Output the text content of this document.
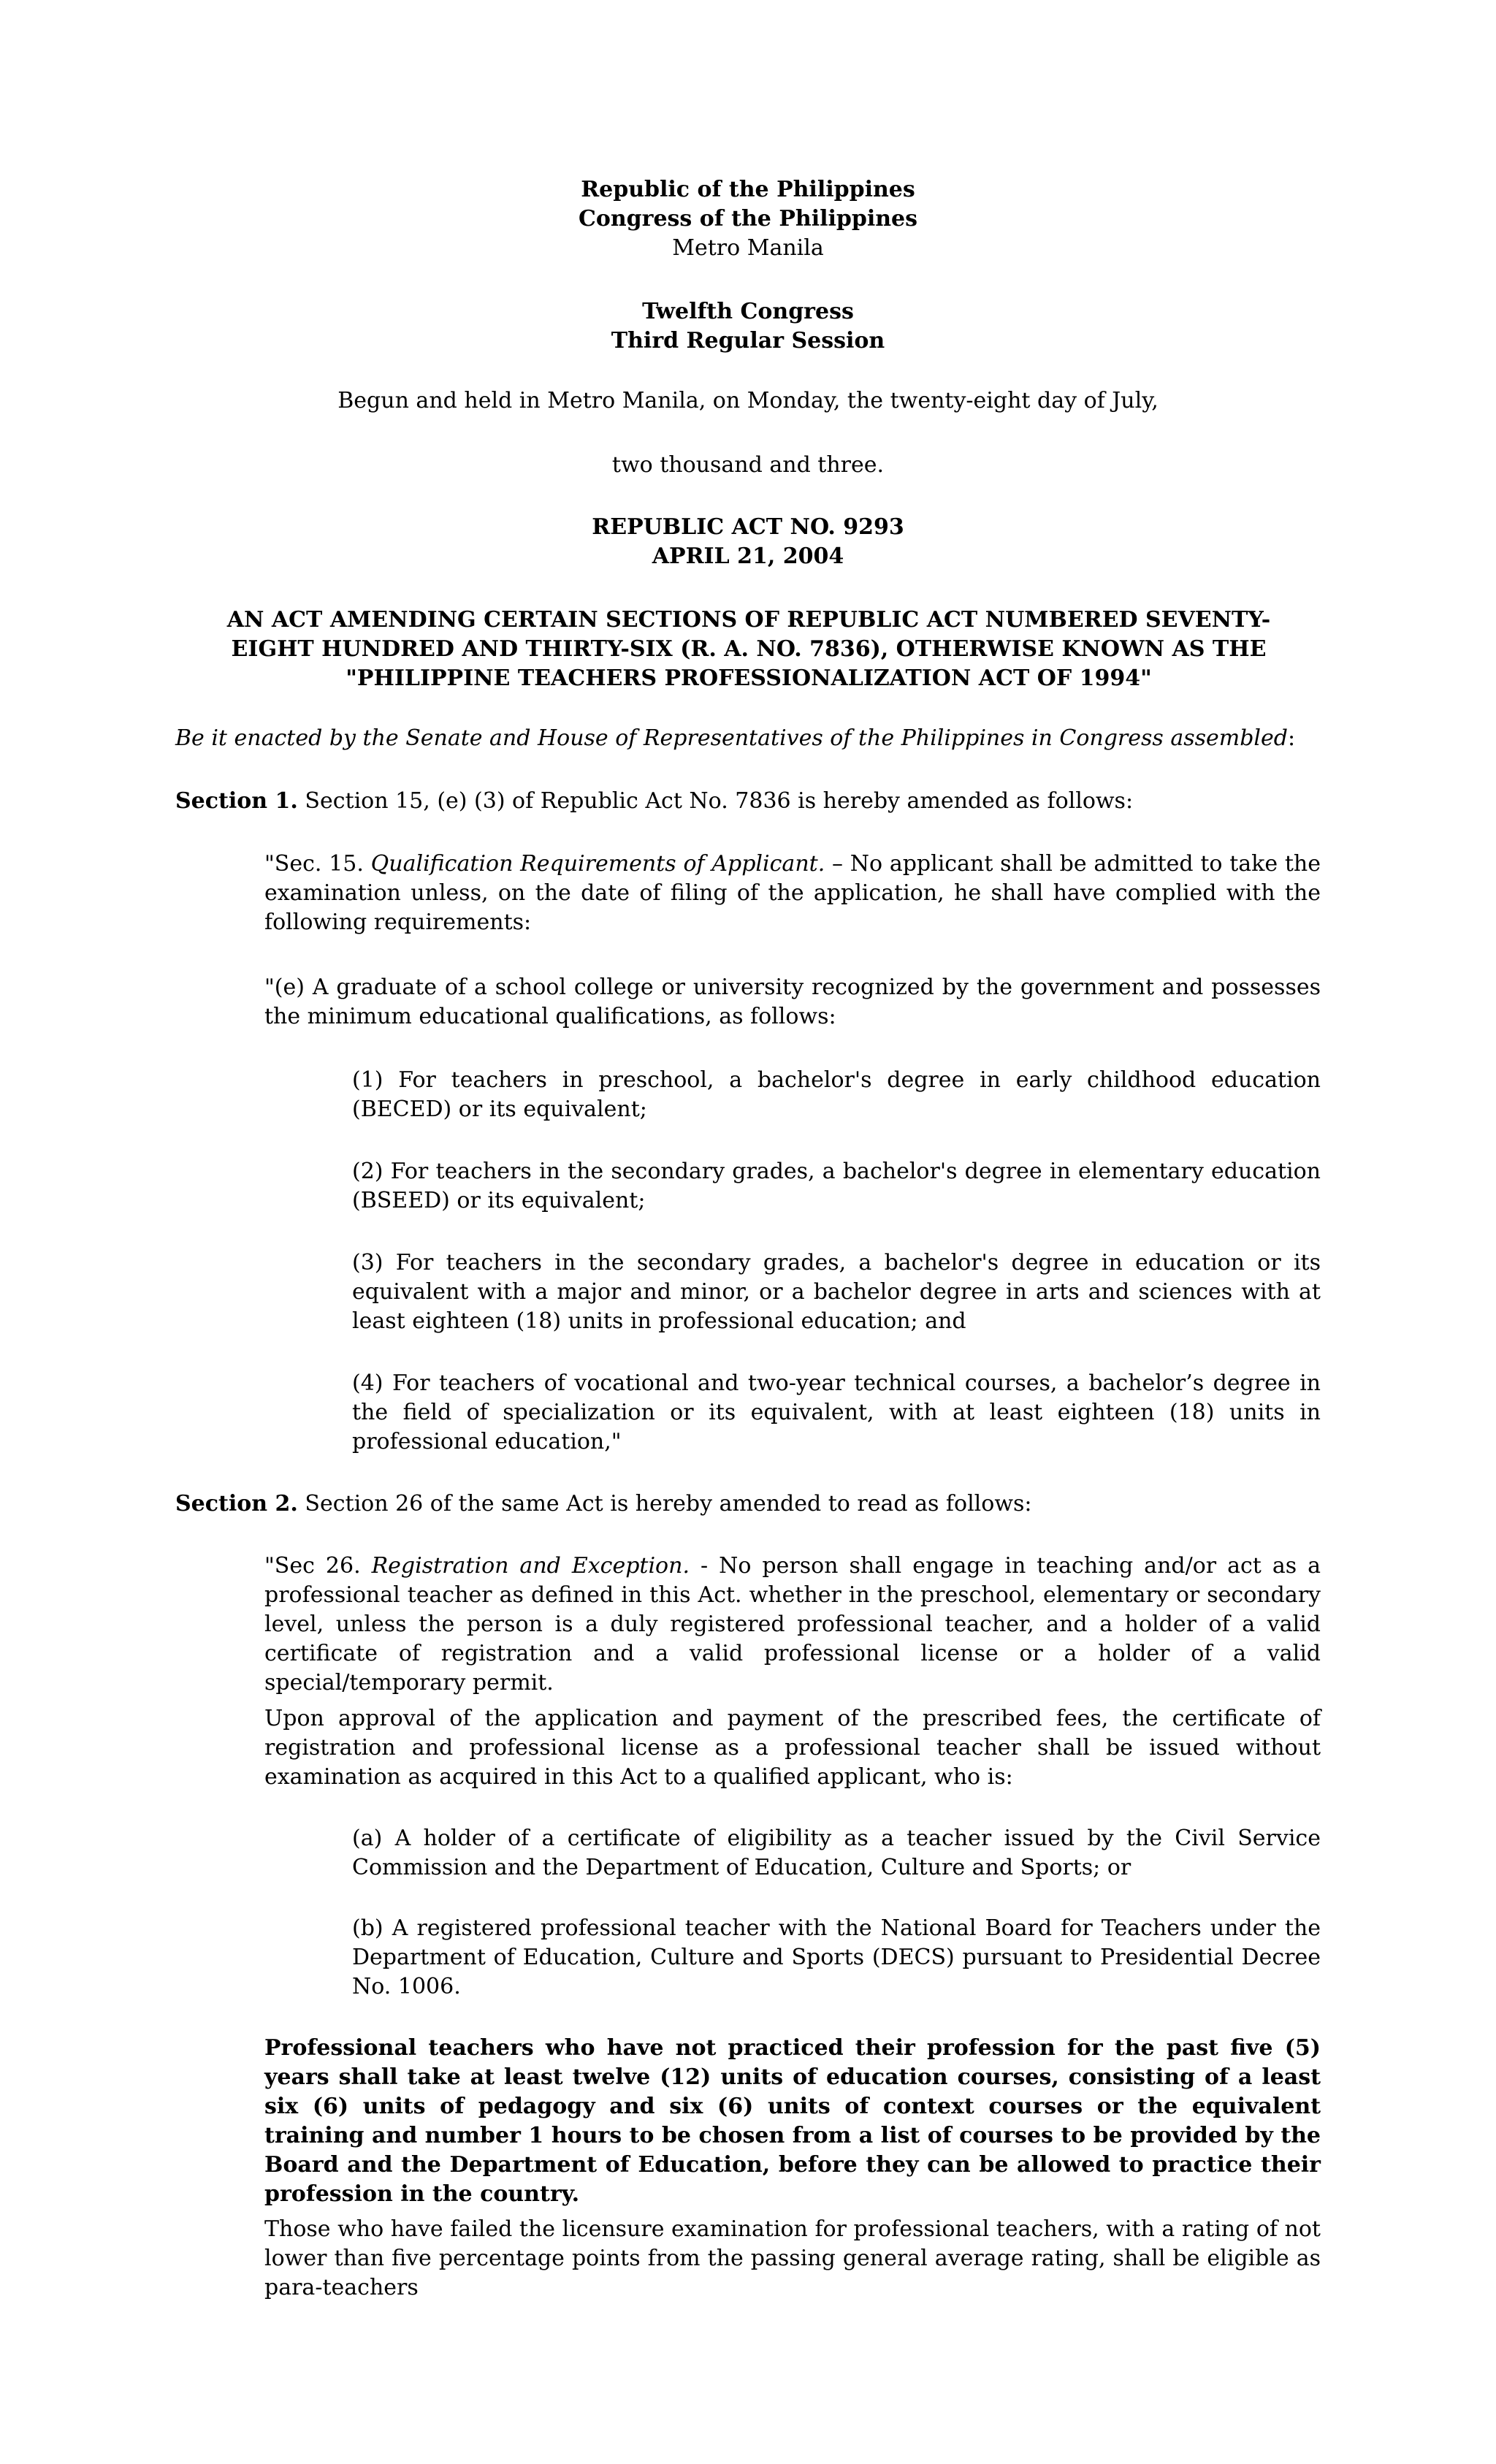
Republic of the Philippines

Congress of the Philippines

Metro Manila

Twelfth Congress

Third Regular Session

Begun and held in Metro Manila, on Monday, the twenty-eight day of July,

two thousand and three.

REPUBLIC ACT NO. 9293

APRIL 21, 2004

AN ACT AMENDING CERTAIN SECTIONS OF REPUBLIC ACT NUMBERED SEVENTY-EIGHT HUNDRED AND THIRTY-SIX (R. A. NO. 7836), OTHERWISE KNOWN AS THE "PHILIPPINE TEACHERS PROFESSIONALIZATION ACT OF 1994"
Be it enacted by the Senate and House of Representatives of the Philippines in Congress assembled:
Section 1. Section 15, (e) (3) of Republic Act No. 7836 is hereby amended as follows:
"Sec. 15. Qualification Requirements of Applicant. – No applicant shall be admitted to take the examination unless, on the date of filing of the application, he shall have complied with the following requirements:
"(e) A graduate of a school college or university recognized by the government and possesses the minimum educational qualifications, as follows:
(1) For teachers in preschool, a bachelor's degree in early childhood education (BECED) or its equivalent;
(2) For teachers in the secondary grades, a bachelor's degree in elementary education (BSEED) or its equivalent;
(3) For teachers in the secondary grades, a bachelor's degree in education or its equivalent with a major and minor, or a bachelor degree in arts and sciences with at least eighteen (18) units in professional education; and
(4) For teachers of vocational and two-year technical courses, a bachelor’s degree in the field of specialization or its equivalent, with at least eighteen (18) units in professional education,"
Section 2. Section 26 of the same Act is hereby amended to read as follows:
"Sec 26. Registration and Exception. - No person shall engage in teaching and/or act as a professional teacher as defined in this Act. whether in the preschool, elementary or secondary level, unless the person is a duly registered professional teacher, and a holder of a valid certificate of registration and a valid professional license or a holder of a valid special/temporary permit.
Upon approval of the application and payment of the prescribed fees, the certificate of registration and professional license as a professional teacher shall be issued without examination as acquired in this Act to a qualified applicant, who is:
(a) A holder of a certificate of eligibility as a teacher issued by the Civil Service Commission and the Department of Education, Culture and Sports; or
(b) A registered professional teacher with the National Board for Teachers under the Department of Education, Culture and Sports (DECS) pursuant to Presidential Decree No. 1006.
Professional teachers who have not practiced their profession for the past five (5) years shall take at least twelve (12) units of education courses, consisting of a least six (6) units of pedagogy and six (6) units of context courses or the equivalent training and number 1 hours to be chosen from a list of courses to be provided by the Board and the Department of Education, before they can be allowed to practice their profession in the country.
Those who have failed the licensure examination for professional teachers, with a rating of not lower than five percentage points from the passing general average rating, shall be eligible as para-teachers
